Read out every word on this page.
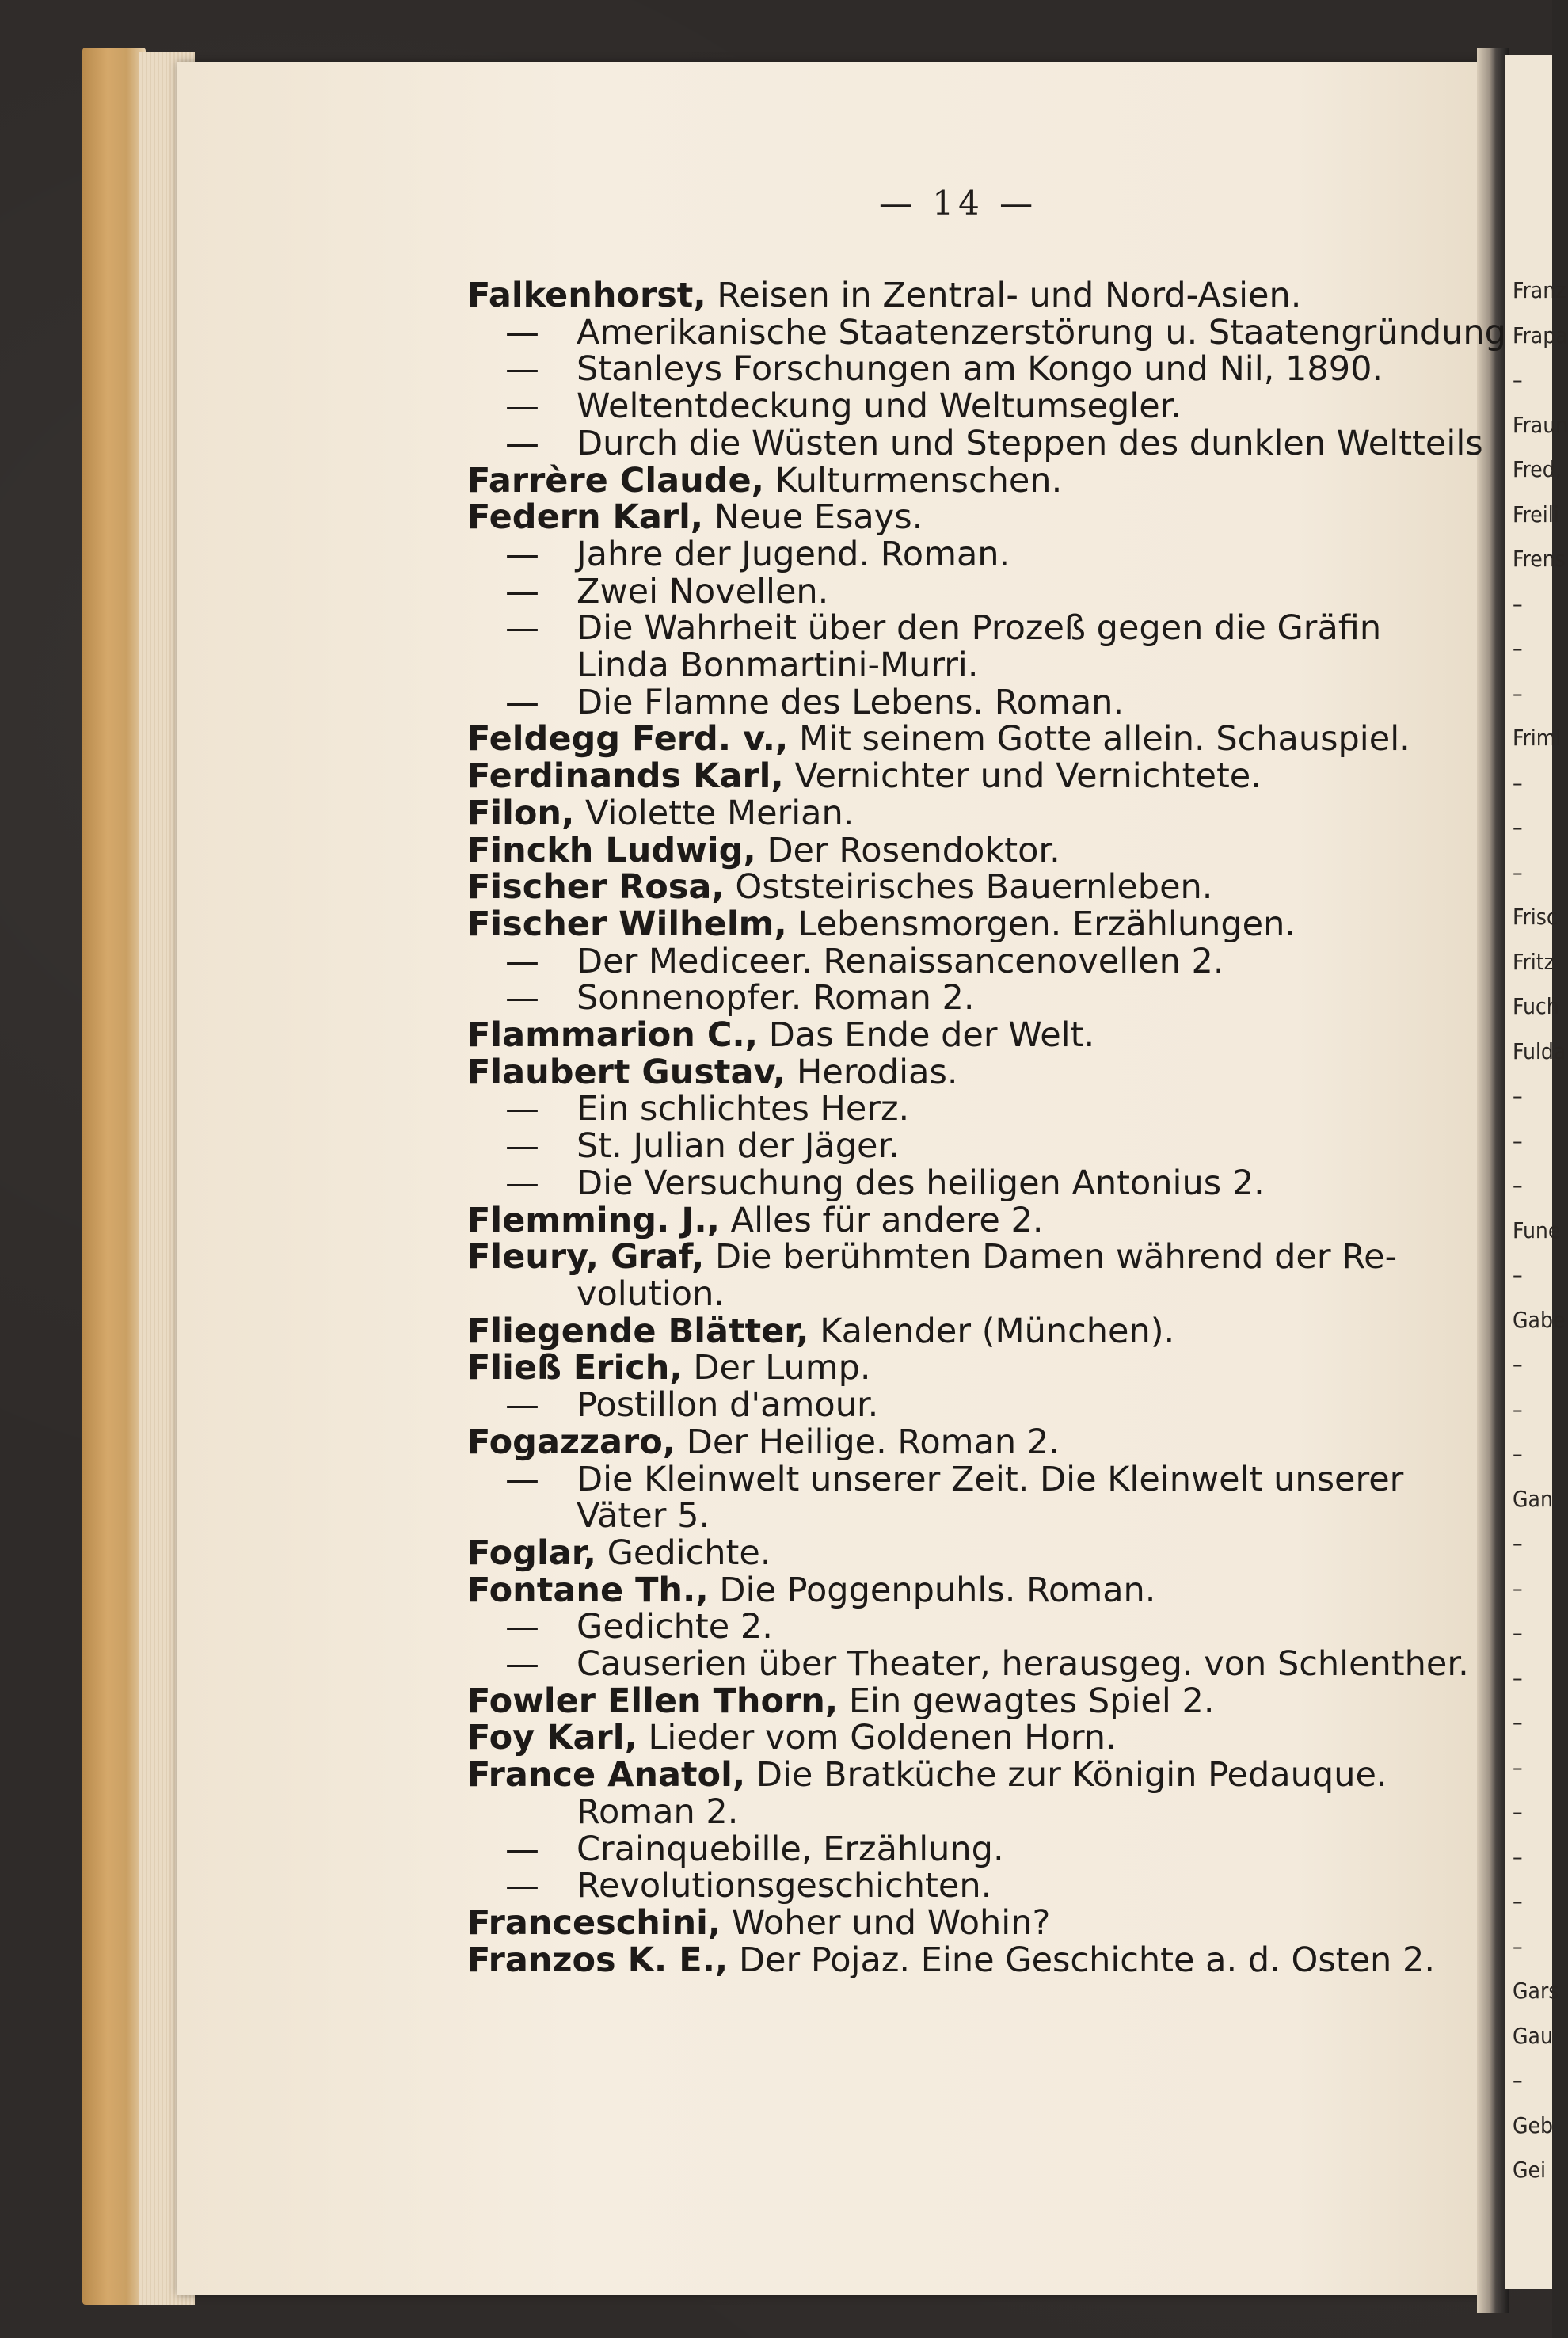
Franz
Frapa
–
Fraun
Fred,
Freili
Frens
–
–
–
Friml
–
–
–
Frisc
Fritz
Fuch
Fulda
–
–
–
Fune
–
Gabe
–
–
–
Gan
–
–
–
–
–
–
–
–
–
–
Gars
Gau
–
Geb
Gei
— 14 —
Falkenhorst, Reisen in Zentral- und Nord-Asien.
— Amerikanische Staatenzerstörung u. Staatengründung
— Stanleys Forschungen am Kongo und Nil, 1890.
— Weltentdeckung und Weltumsegler.
— Durch die Wüsten und Steppen des dunklen Weltteils
Farrère Claude, Kulturmenschen.
Federn Karl, Neue Esays.
— Jahre der Jugend. Roman.
— Zwei Novellen.
— Die Wahrheit über den Prozeß gegen die Gräfin
Linda Bonmartini-Murri.
— Die Flamne des Lebens. Roman.
Feldegg Ferd. v., Mit seinem Gotte allein. Schauspiel.
Ferdinands Karl, Vernichter und Vernichtete.
Filon, Violette Merian.
Finckh Ludwig, Der Rosendoktor.
Fischer Rosa, Oststeirisches Bauernleben.
Fischer Wilhelm, Lebensmorgen. Erzählungen.
— Der Mediceer. Renaissancenovellen 2.
— Sonnenopfer. Roman 2.
Flammarion C., Das Ende der Welt.
Flaubert Gustav, Herodias.
— Ein schlichtes Herz.
— St. Julian der Jäger.
— Die Versuchung des heiligen Antonius 2.
Flemming. J., Alles für andere 2.
Fleury, Graf, Die berühmten Damen während der Re-
volution.
Fliegende Blätter, Kalender (München).
Fließ Erich, Der Lump.
— Postillon d'amour.
Fogazzaro, Der Heilige. Roman 2.
— Die Kleinwelt unserer Zeit. Die Kleinwelt unserer
Väter 5.
Foglar, Gedichte.
Fontane Th., Die Poggenpuhls. Roman.
— Gedichte 2.
— Causerien über Theater, herausgeg. von Schlenther.
Fowler Ellen Thorn, Ein gewagtes Spiel 2.
Foy Karl, Lieder vom Goldenen Horn.
France Anatol, Die Bratküche zur Königin Pedauque.
Roman 2.
— Crainquebille, Erzählung.
— Revolutionsgeschichten.
Franceschini, Woher und Wohin?
Franzos K. E., Der Pojaz. Eine Geschichte a. d. Osten 2.
